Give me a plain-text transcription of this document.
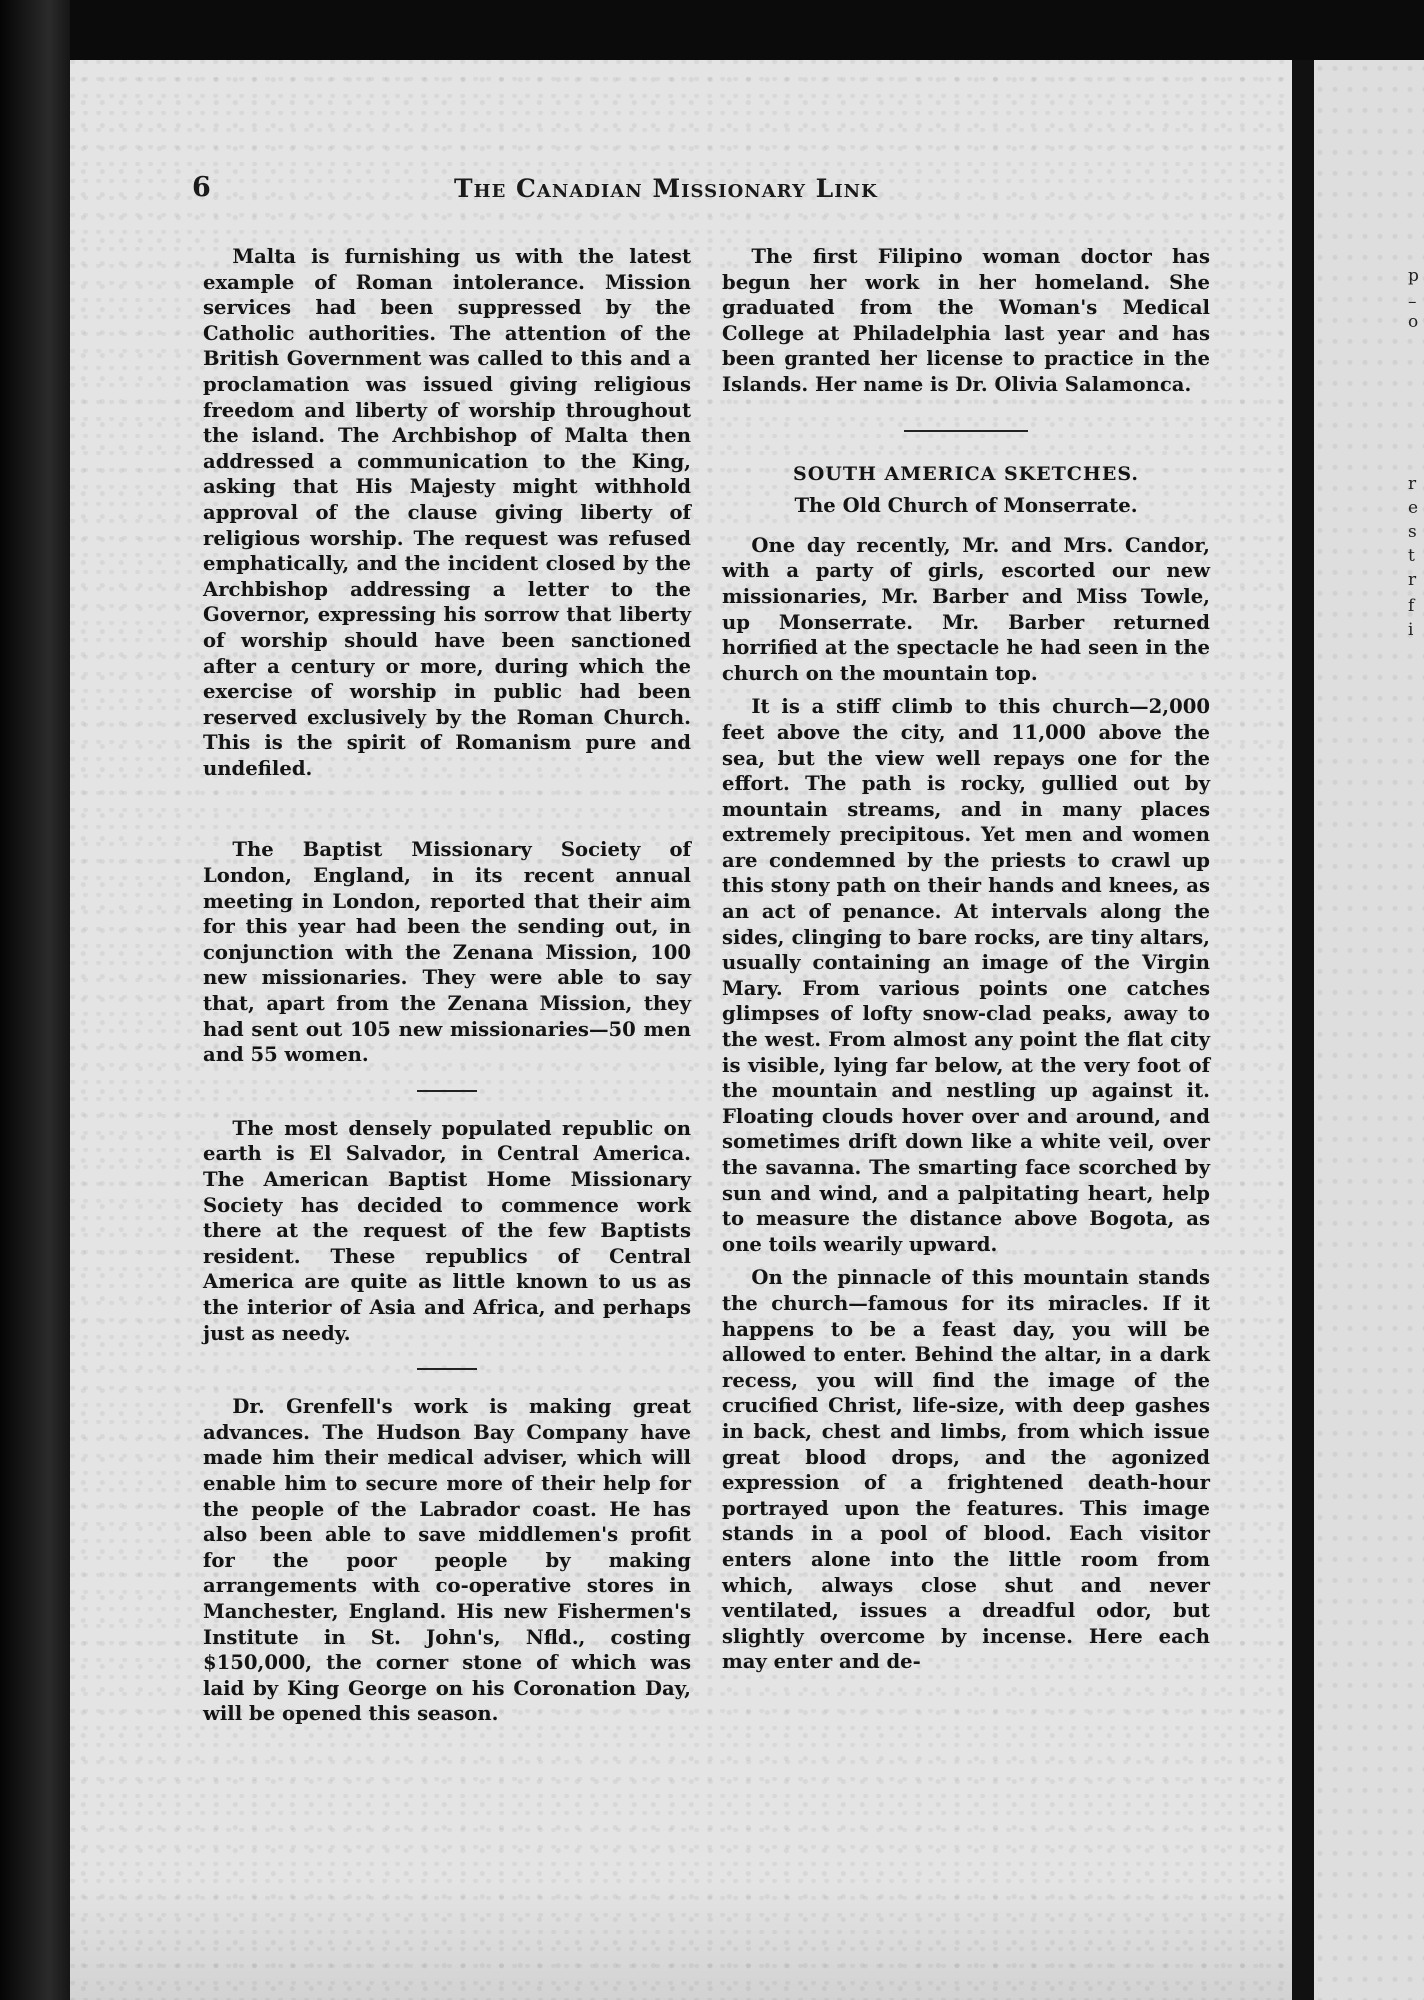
p
–
o
r
e
s
t
r
f
i
6	The Canadian Missionary Link

Malta is furnishing us with the latest example of Roman intolerance. Mission services had been suppressed by the Catholic authorities. The attention of the British Government was called to this and a proclamation was issued giving religious freedom and liberty of worship throughout the island. The Archbishop of Malta then addressed a communication to the King, asking that His Majesty might withhold approval of the clause giving liberty of religious worship. The request was refused emphatically, and the incident closed by the Archbishop addressing a letter to the Governor, expressing his sorrow that liberty of worship should have been sanctioned after a century or more, during which the exercise of worship in public had been reserved exclusively by the Roman Church. This is the spirit of Romanism pure and undefiled.

The Baptist Missionary Society of London, England, in its recent annual meeting in London, reported that their aim for this year had been the sending out, in conjunction with the Zenana Mission, 100 new missionaries. They were able to say that, apart from the Zenana Mission, they had sent out 105 new missionaries—50 men and 55 women.

The most densely populated republic on earth is El Salvador, in Central America. The American Baptist Home Missionary Society has decided to commence work there at the request of the few Baptists resident. These republics of Central America are quite as little known to us as the interior of Asia and Africa, and perhaps just as needy.

Dr. Grenfell's work is making great advances. The Hudson Bay Company have made him their medical adviser, which will enable him to secure more of their help for the people of the Labrador coast. He has also been able to save middlemen's profit for the poor people by making arrangements with co-operative stores in Manchester, England. His new Fishermen's Institute in St. John's, Nfld., costing $150,000, the corner stone of which was laid by King George on his Coronation Day, will be opened this season.

The first Filipino woman doctor has begun her work in her homeland. She graduated from the Woman's Medical College at Philadelphia last year and has been granted her license to practice in the Islands. Her name is Dr. Olivia Salamonca.

SOUTH AMERICA SKETCHES.
The Old Church of Monserrate.

One day recently, Mr. and Mrs. Candor, with a party of girls, escorted our new missionaries, Mr. Barber and Miss Towle, up Monserrate. Mr. Barber returned horrified at the spectacle he had seen in the church on the mountain top.

It is a stiff climb to this church—2,000 feet above the city, and 11,000 above the sea, but the view well repays one for the effort. The path is rocky, gullied out by mountain streams, and in many places extremely precipitous. Yet men and women are condemned by the priests to crawl up this stony path on their hands and knees, as an act of penance. At intervals along the sides, clinging to bare rocks, are tiny altars, usually containing an image of the Virgin Mary. From various points one catches glimpses of lofty snow-clad peaks, away to the west. From almost any point the flat city is visible, lying far below, at the very foot of the mountain and nestling up against it. Floating clouds hover over and around, and sometimes drift down like a white veil, over the savanna. The smarting face scorched by sun and wind, and a palpitating heart, help to measure the distance above Bogota, as one toils wearily upward.

On the pinnacle of this mountain stands the church—famous for its miracles. If it happens to be a feast day, you will be allowed to enter. Behind the altar, in a dark recess, you will find the image of the crucified Christ, life-size, with deep gashes in back, chest and limbs, from which issue great blood drops, and the agonized expression of a frightened death-hour portrayed upon the features. This image stands in a pool of blood. Each visitor enters alone into the little room from which, always close shut and never ventilated, issues a dreadful odor, but slightly overcome by incense. Here each may enter and de-
